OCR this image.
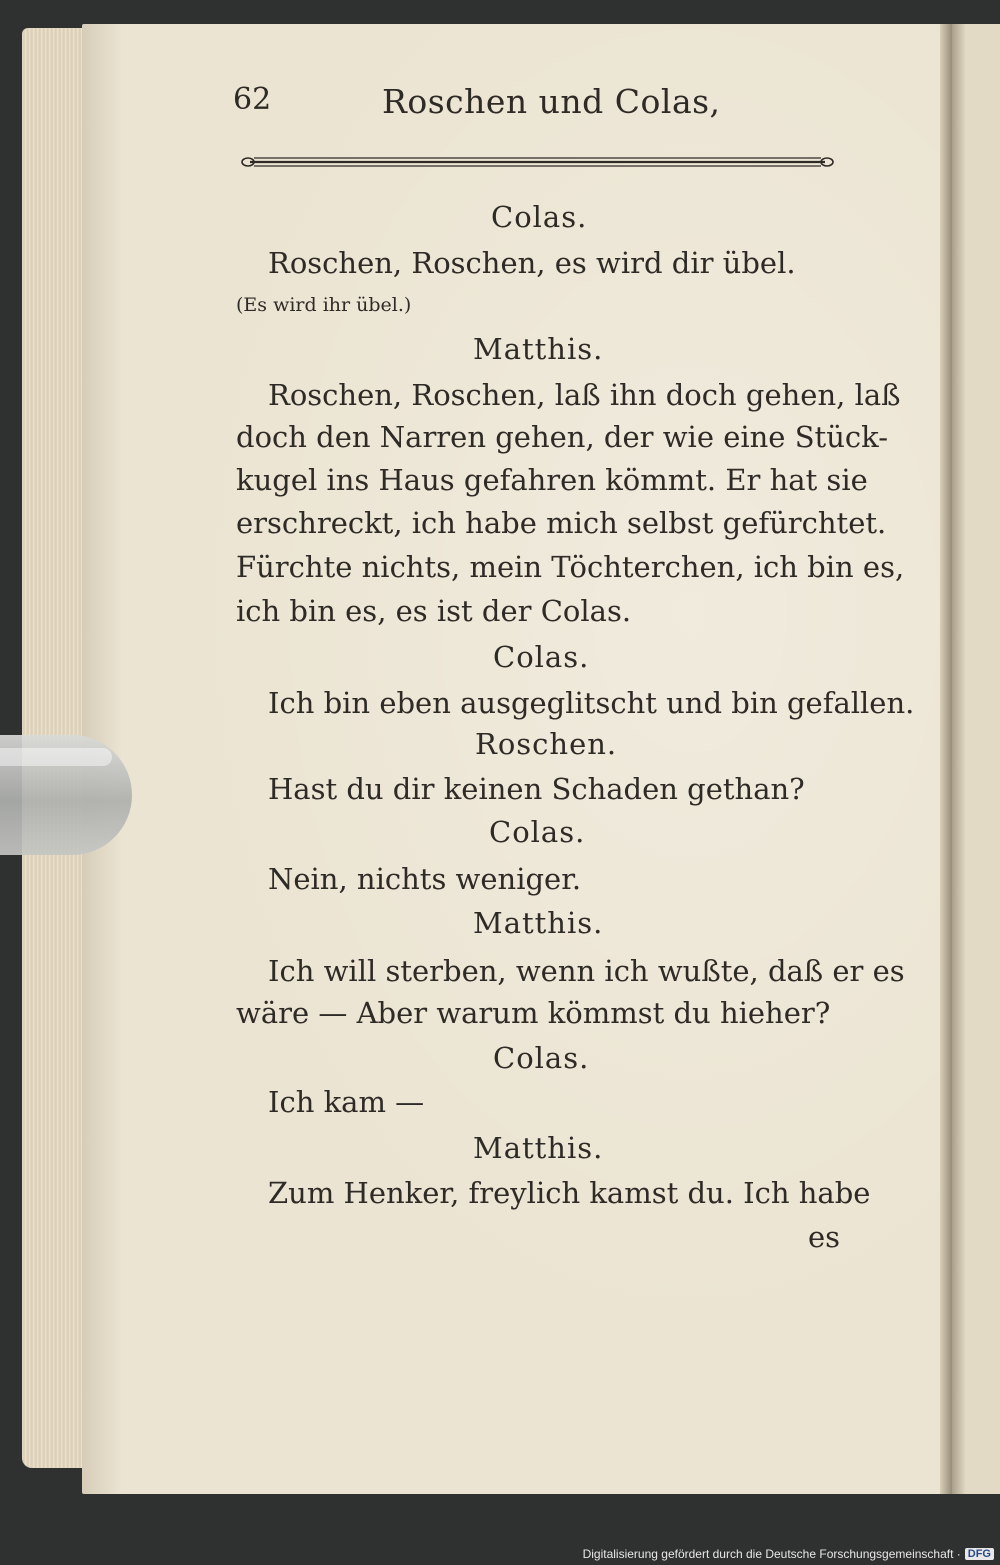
62	Roschen und Colas,
Colas.
Roschen, Roschen, es wird dir übel.
(Es wird ihr übel.)
Matthis.
Roschen, Roschen, laß ihn doch gehen, laß
doch den Narren gehen, der wie eine Stück-
kugel ins Haus gefahren kömmt. Er hat sie
erschreckt, ich habe mich selbst gefürchtet.
Fürchte nichts, mein Töchterchen, ich bin es,
ich bin es, es ist der Colas.
Colas.
Ich bin eben ausgeglitscht und bin gefallen.
Roschen.
Hast du dir keinen Schaden gethan?
Colas.
Nein, nichts weniger.
Matthis.
Ich will sterben, wenn ich wußte, daß er es
wäre — Aber warum kömmst du hieher?
Colas.
Ich kam —
Matthis.
Zum Henker, freylich kamst du. Ich habe
es
Digitalisierung gefördert durch die Deutsche Forschungsgemeinschaft · DFG
